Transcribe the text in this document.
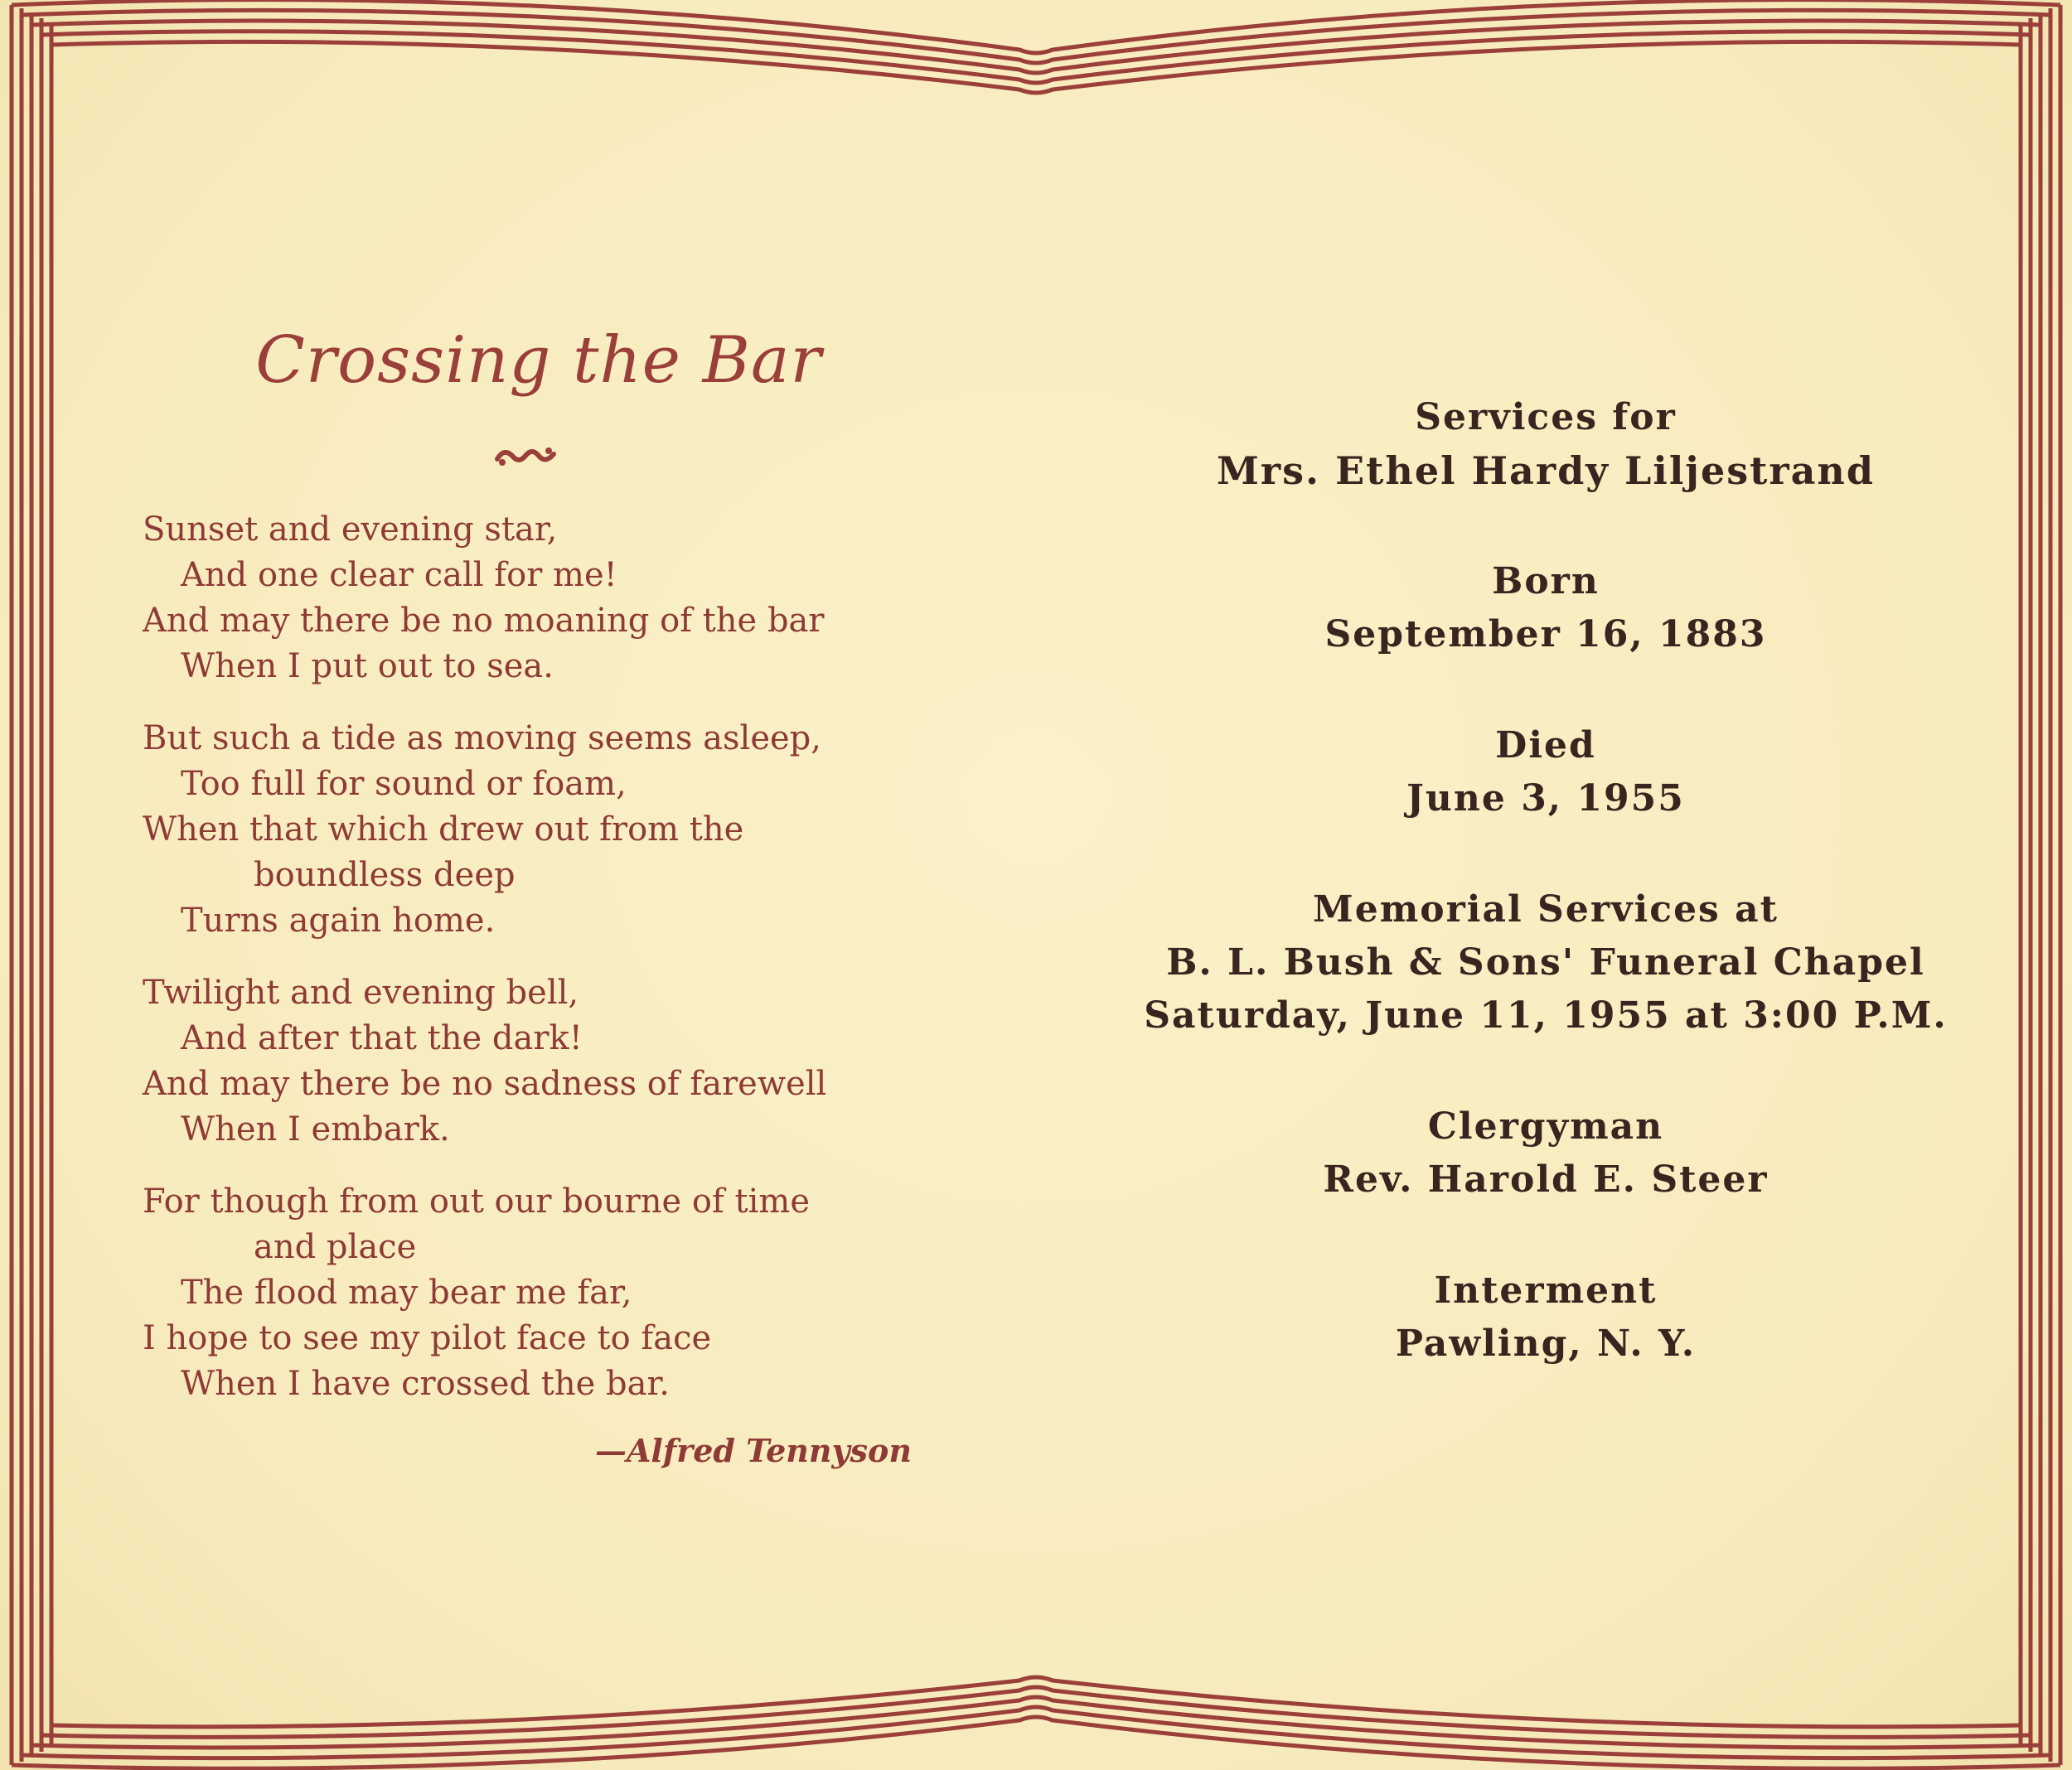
Crossing the Bar
Sunset and evening star,
And one clear call for me!
And may there be no moaning of the bar
When I put out to sea.
But such a tide as moving seems asleep,
Too full for sound or foam,
When that which drew out from the
boundless deep
Turns again home.
Twilight and evening bell,
And after that the dark!
And may there be no sadness of farewell
When I embark.
For though from out our bourne of time
and place
The flood may bear me far,
I hope to see my pilot face to face
When I have crossed the bar.
—Alfred Tennyson
Services for
Mrs. Ethel Hardy Liljestrand
Born
September 16, 1883
Died
June 3, 1955
Memorial Services at
B. L. Bush & Sons' Funeral Chapel
Saturday, June 11, 1955 at 3:00 P.M.
Clergyman
Rev. Harold E. Steer
Interment
Pawling, N. Y.
